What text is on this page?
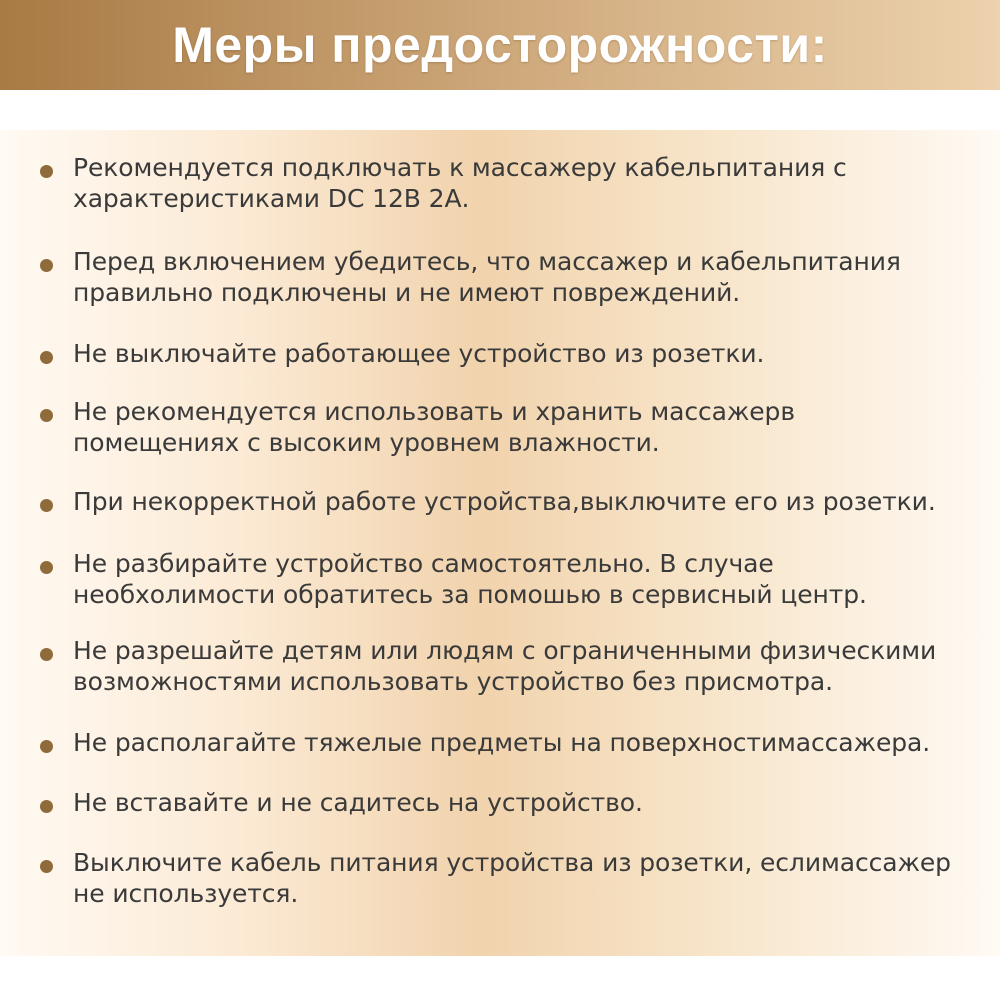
Меры предосторожности:
Рекомендуется подключать к массажеру кабельпитания с
характеристиками DC 12В 2А.
Перед включением убедитесь, что массажер и кабельпитания
правильно подключены и не имеют повреждений.
Не выключайте работающее устройство из розетки.
Не рекомендуется использовать и хранить массажерв
помещениях с высоким уровнем влажности.
При некорректной работе устройства,выключите его из розетки.
Не разбирайте устройство самостоятельно. В случае
необхолимости обратитесь за помошью в сервисный центр.
Не разрешайте детям или людям с ограниченными физическими
возможностями использовать устройство без присмотра.
Не располагайте тяжелые предметы на поверхностимассажера.
Не вставайте и не садитесь на устройство.
Выключите кабель питания устройства из розетки, еслимассажер
не используется.
